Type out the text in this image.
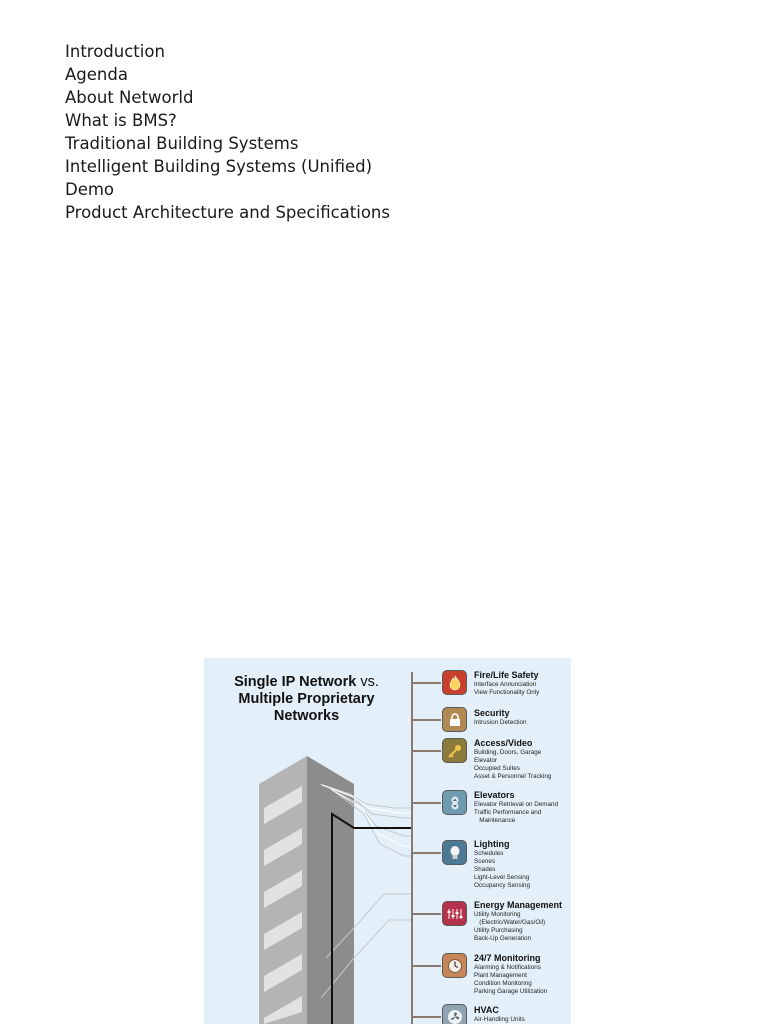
Introduction
Agenda
About Networld
What is BMS?
Traditional Building Systems
Intelligent Building Systems (Unified)
Demo
Product Architecture and Specifications
Single IP Network vs.
Multiple Proprietary
Networks
Fire/Life Safety
Interface Annunciation
View Functionality Only
Security
Intrusion Detection
Access/Video
Building, Doors, Garage
Elevator
Occupied Suites
Asset & Personnel Tracking
Elevators
Elevator Retrieval on Demand
Traffic Performance and
Maintenance
Lighting
Schedules
Scenes
Shades
Light-Level Sensing
Occupancy Sensing
Energy Management
Utility Monitoring
(Electric/Water/Gas/Oil)
Utility Purchasing
Back-Up Generation
24/7 Monitoring
Alarming & Notifications
Plant Management
Condition Monitoring
Parking Garage Utilization
HVAC
Air-Handling Units
